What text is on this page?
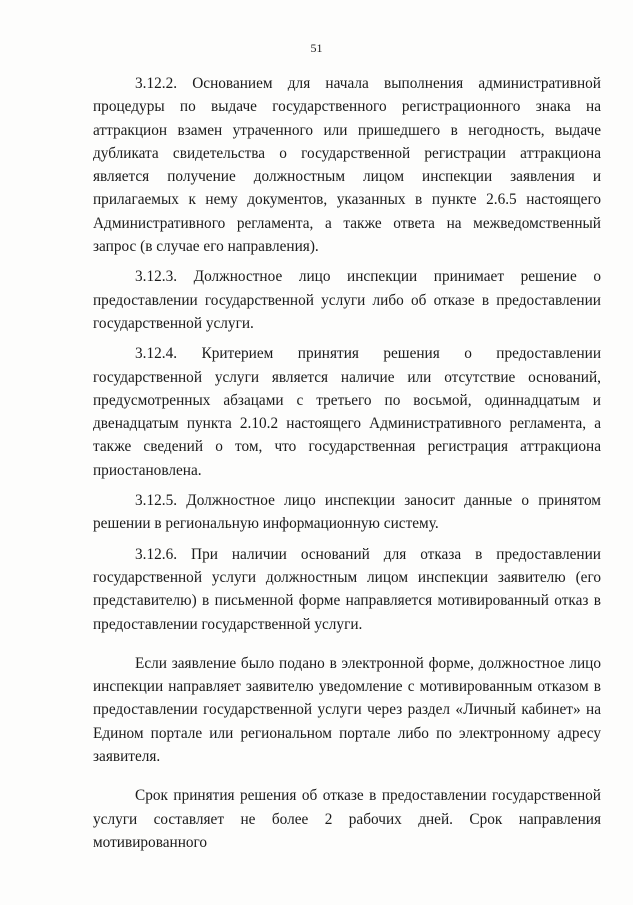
51

3.12.2. Основанием для начала выполнения административной процедуры по выдаче государственного регистрационного знака на аттракцион взамен утраченного или пришедшего в негодность, выдаче дубликата свидетельства о государственной регистрации аттракциона является получение должностным лицом инспекции заявления и прилагаемых к нему документов, указанных в пункте 2.6.5 настоящего Административного регламента, а также ответа на межведомственный запрос (в случае его направления).

3.12.3. Должностное лицо инспекции принимает решение о предоставлении государственной услуги либо об отказе в предоставлении государственной услуги.

3.12.4. Критерием принятия решения о предоставлении государственной услуги является наличие или отсутствие оснований, предусмотренных абзацами с третьего по восьмой, одиннадцатым и двенадцатым пункта 2.10.2 настоящего Административного регламента, а также сведений о том, что государственная регистрация аттракциона приостановлена.

3.12.5. Должностное лицо инспекции заносит данные о принятом решении в региональную информационную систему.

3.12.6. При наличии оснований для отказа в предоставлении государственной услуги должностным лицом инспекции заявителю (его представителю) в письменной форме направляется мотивированный отказ в предоставлении государственной услуги.

Если заявление было подано в электронной форме, должностное лицо инспекции направляет заявителю уведомление с мотивированным отказом в предоставлении государственной услуги через раздел «Личный кабинет» на Едином портале или региональном портале либо по электронному адресу заявителя.

Срок принятия решения об отказе в предоставлении государственной услуги составляет не более 2 рабочих дней. Срок направления мотивированного
